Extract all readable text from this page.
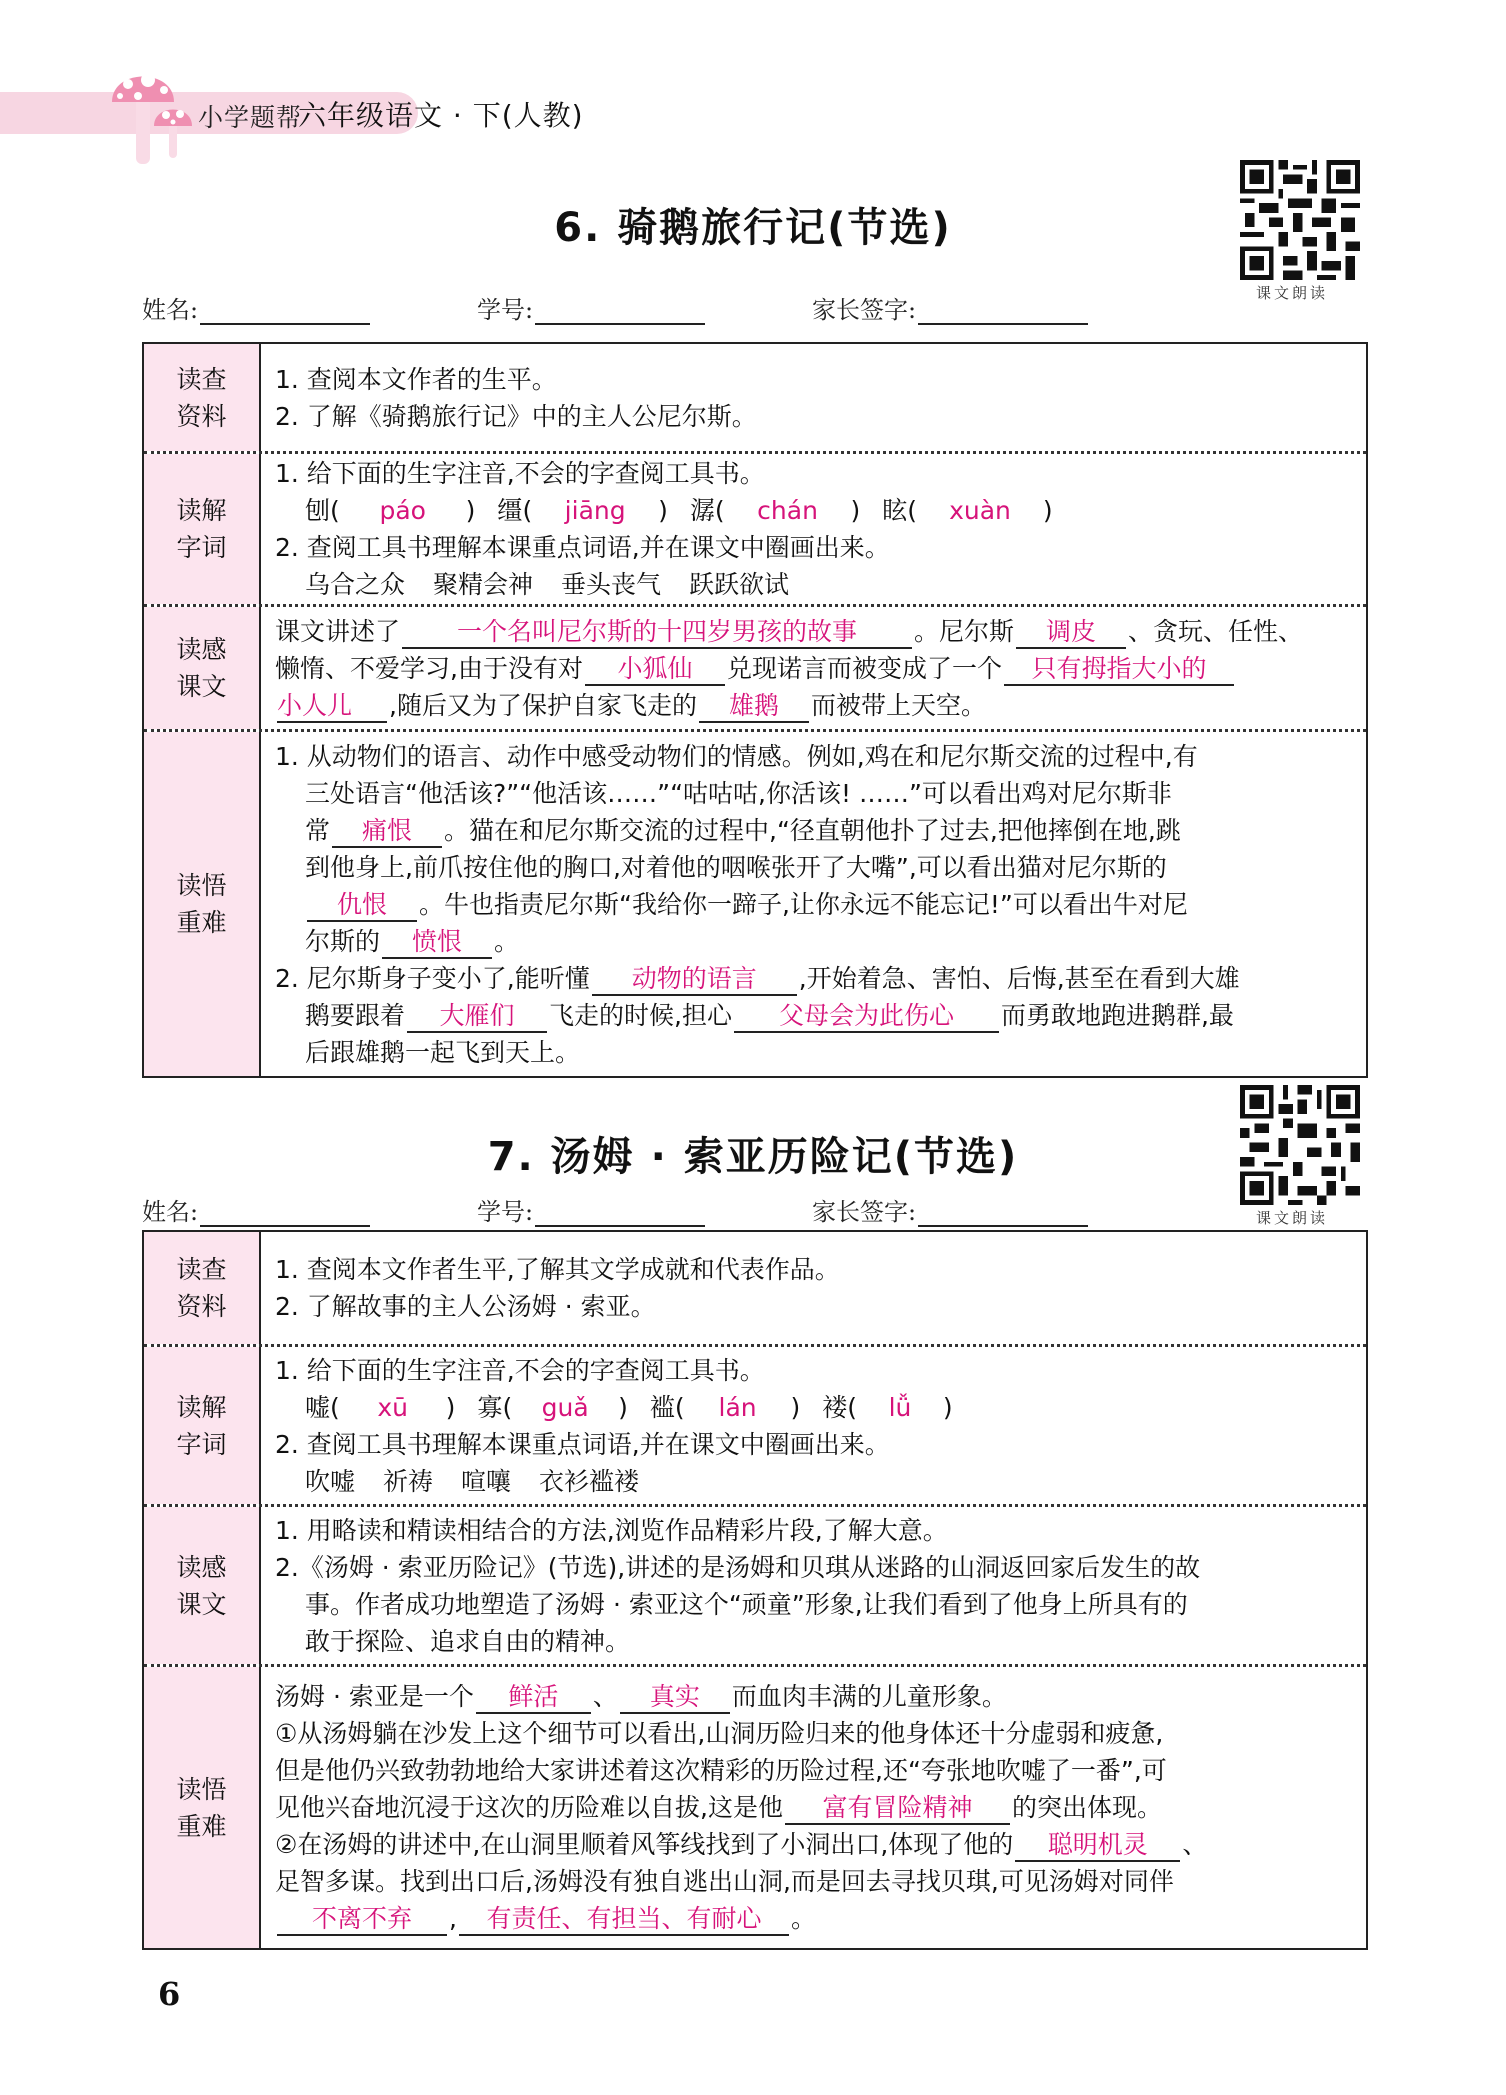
小学题帮
六年级语文 · 下(人教)
课文朗读
6. 骑鹅旅行记(节选)
姓名:	学号:	家长签字:
读查
资料
1. 查阅本文作者的生平。
2. 了解《骑鹅旅行记》中的主人公尼尔斯。
读解
字词
1. 给下面的生字注音,不会的字查阅工具书。
刨( páo ) 缰( jiāng ) 潺( chán ) 眩( xuàn )
2. 查阅工具书理解本课重点词语,并在课文中圈画出来。
乌合之众 聚精会神 垂头丧气 跃跃欲试
读感
课文
课文讲述了 一个名叫尼尔斯的十四岁男孩的故事 。尼尔斯 调皮 、贪玩、任性、
懒惰、不爱学习,由于没有对 小狐仙 兑现诺言而被变成了一个 只有拇指大小的
小人儿 ,随后又为了保护自家飞走的 雄鹅 而被带上天空。
读悟
重难
1. 从动物们的语言、动作中感受动物们的情感。例如,鸡在和尼尔斯交流的过程中,有
三处语言“他活该?”“他活该……”“咕咕咕,你活该! ……”可以看出鸡对尼尔斯非
常 痛恨 。猫在和尼尔斯交流的过程中,“径直朝他扑了过去,把他摔倒在地,跳
到他身上,前爪按住他的胸口,对着他的咽喉张开了大嘴”,可以看出猫对尼尔斯的
仇恨 。牛也指责尼尔斯“我给你一蹄子,让你永远不能忘记!”可以看出牛对尼
尔斯的 愤恨 。
2. 尼尔斯身子变小了,能听懂 动物的语言 ,开始着急、害怕、后悔,甚至在看到大雄
鹅要跟着 大雁们 飞走的时候,担心 父母会为此伤心 而勇敢地跑进鹅群,最
后跟雄鹅一起飞到天上。
课文朗读
7. 汤姆 · 索亚历险记(节选)
姓名:	学号:	家长签字:
读查
资料
1. 查阅本文作者生平,了解其文学成就和代表作品。
2. 了解故事的主人公汤姆 · 索亚。
读解
字词
1. 给下面的生字注音,不会的字查阅工具书。
嘘( xū ) 寡( guǎ ) 褴( lán ) 褛( lǚ )
2. 查阅工具书理解本课重点词语,并在课文中圈画出来。
吹嘘 祈祷 喧嚷 衣衫褴褛
读感
课文
1. 用略读和精读相结合的方法,浏览作品精彩片段,了解大意。
2.《汤姆 · 索亚历险记》(节选),讲述的是汤姆和贝琪从迷路的山洞返回家后发生的故
事。作者成功地塑造了汤姆 · 索亚这个“顽童”形象,让我们看到了他身上所具有的
敢于探险、追求自由的精神。
读悟
重难
汤姆 · 索亚是一个 鲜活 、 真实 而血肉丰满的儿童形象。
①从汤姆躺在沙发上这个细节可以看出,山洞历险归来的他身体还十分虚弱和疲惫,
但是他仍兴致勃勃地给大家讲述着这次精彩的历险过程,还“夸张地吹嘘了一番”,可
见他兴奋地沉浸于这次的历险难以自拔,这是他 富有冒险精神 的突出体现。
②在汤姆的讲述中,在山洞里顺着风筝线找到了小洞出口,体现了他的 聪明机灵 、
足智多谋。找到出口后,汤姆没有独自逃出山洞,而是回去寻找贝琪,可见汤姆对同伴
不离不弃 , 有责任、有担当、有耐心 。
6
